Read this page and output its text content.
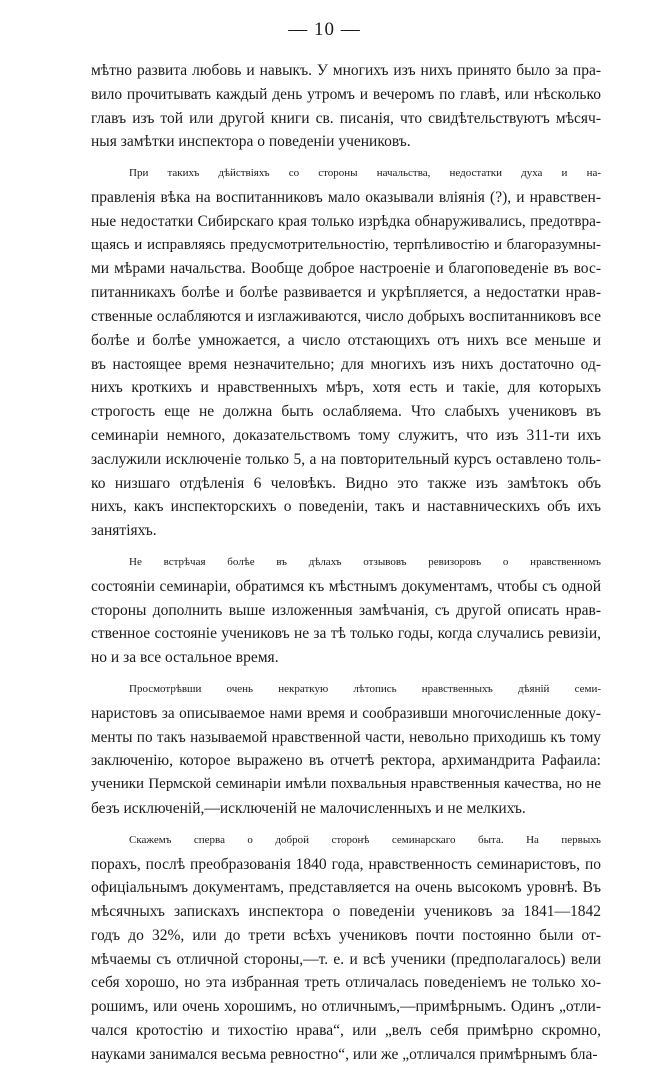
— 10 —
мѣтно развита любовь и навыкъ. У многихъ изъ нихъ принято было за пра-
вило прочитывать каждый день утромъ и вечеромъ по главѣ, или нѣсколько
главъ изъ той или другой книги св. писанія, что свидѣтельствуютъ мѣсяч-
ныя замѣтки инспектора о поведеніи учениковъ.
При такихъ дѣйствіяхъ со стороны начальства, недостатки духа и на-
правленія вѣка на воспитанниковъ мало оказывали вліянія (?), и нравствен-
ные недостатки Сибирскаго края только изрѣдка обнаруживались, предотвра-
щаясь и исправляясь предусмотрительностію, терпѣливостію и благоразумны-
ми мѣрами начальства. Вообще доброе настроеніе и благоповеденіе въ вос-
питанникахъ болѣе и болѣе развивается и укрѣпляется, а недостатки нрав-
ственные ослабляются и изглаживаются, число добрыхъ воспитанниковъ все
болѣе и болѣе умножается, а число отстающихъ отъ нихъ все меньше и
въ настоящее время незначительно; для многихъ изъ нихъ достаточно од-
нихъ кроткихъ и нравственныхъ мѣръ, хотя есть и такіе, для которыхъ
строгость еще не должна быть ослабляема. Что слабыхъ учениковъ въ
семинаріи немного, доказательствомъ тому служитъ, что изъ 311-ти ихъ
заслужили исключеніе только 5, а на повторительный курсъ оставлено толь-
ко низшаго отдѣленія 6 человѣкъ. Видно это также изъ замѣтокъ объ
нихъ, какъ инспекторскихъ о поведеніи, такъ и наставническихъ объ ихъ
занятіяхъ.
Не встрѣчая болѣе въ дѣлахъ отзывовъ ревизоровъ о нравственномъ
состояніи семинаріи, обратимся къ мѣстнымъ документамъ, чтобы съ одной
стороны дополнить выше изложенныя замѣчанія, съ другой описать нрав-
ственное состояніе учениковъ не за тѣ только годы, когда случались ревизіи,
но и за все остальное время.
Просмотрѣвши очень некраткую лѣтопись нравственныхъ дѣяній семи-
наристовъ за описываемое нами время и сообразивши многочисленные доку-
менты по такъ называемой нравственной части, невольно приходишь къ тому
заключенію, которое выражено въ отчетѣ ректора, архимандрита Рафаила:
ученики Пермской семинаріи имѣли похвальныя нравственныя качества, но не
безъ исключеній,—исключеній не малочисленныхъ и не мелкихъ.
Скажемъ сперва о доброй сторонѣ семинарскаго быта. На первыхъ
порахъ, послѣ преобразованія 1840 года, нравственность семинаристовъ, по
офиціальнымъ документамъ, представляется на очень высокомъ уровнѣ. Въ
мѣсячныхъ запискахъ инспектора о поведеніи учениковъ за 1841—1842
годъ до 32%, или до трети всѣхъ учениковъ почти постоянно были от-
мѣчаемы съ отличной стороны,—т. е. и всѣ ученики (предполагалось) вели
себя хорошо, но эта избранная треть отличалась поведеніемъ не только хо-
рошимъ, или очень хорошимъ, но отличнымъ,—примѣрнымъ. Одинъ „отли-
чался кротостію и тихостію нрава“, или „велъ себя примѣрно скромно,
науками занимался весьма ревностно“, или же „отличался примѣрнымъ бла-
